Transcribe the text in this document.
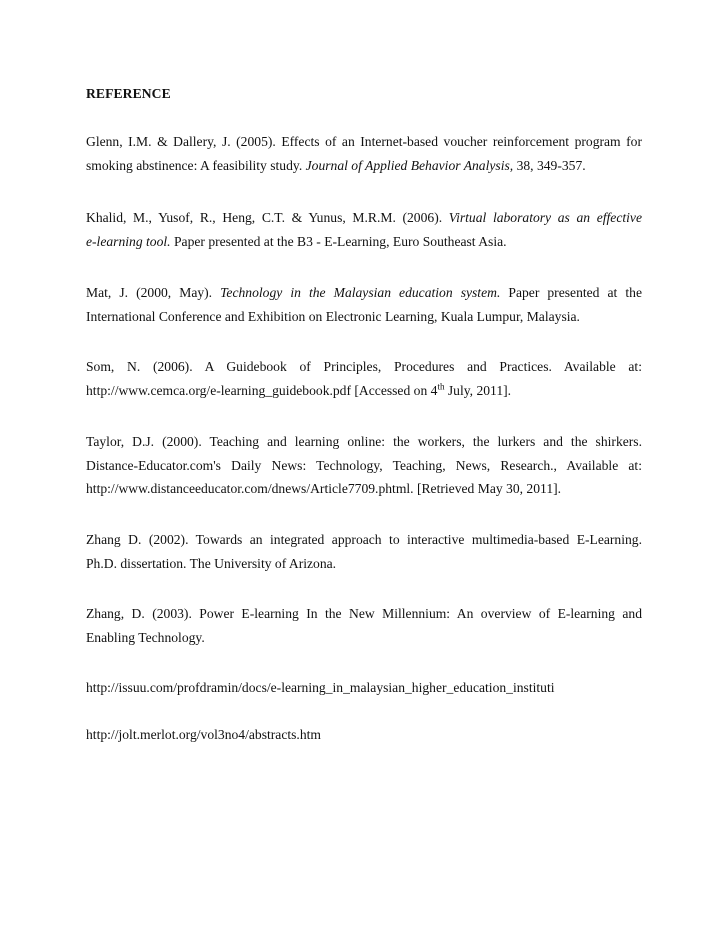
REFERENCE
Glenn, I.M. & Dallery, J. (2005). Effects of an Internet-based voucher reinforcement program for
smoking abstinence: A feasibility study. Journal of Applied Behavior Analysis, 38, 349-357.
Khalid, M., Yusof, R., Heng, C.T. & Yunus, M.R.M. (2006). Virtual laboratory as an effective
e-learning tool. Paper presented at the B3 - E-Learning, Euro Southeast Asia.
Mat, J. (2000, May). Technology in the Malaysian education system. Paper presented at the
International Conference and Exhibition on Electronic Learning, Kuala Lumpur, Malaysia.
Som, N. (2006). A Guidebook of Principles, Procedures and Practices. Available at:
http://www.cemca.org/e-learning_guidebook.pdf [Accessed on 4th July, 2011].
Taylor, D.J. (2000). Teaching and learning online: the workers, the lurkers and the shirkers.
Distance-Educator.com's Daily News: Technology, Teaching, News, Research., Available at:
http://www.distanceeducator.com/dnews/Article7709.phtml. [Retrieved May 30, 2011].
Zhang D. (2002). Towards an integrated approach to interactive multimedia-based E-Learning.
Ph.D. dissertation. The University of Arizona.
Zhang, D. (2003). Power E-learning In the New Millennium: An overview of E-learning and
Enabling Technology.
http://issuu.com/profdramin/docs/e-learning_in_malaysian_higher_education_instituti
http://jolt.merlot.org/vol3no4/abstracts.htm
